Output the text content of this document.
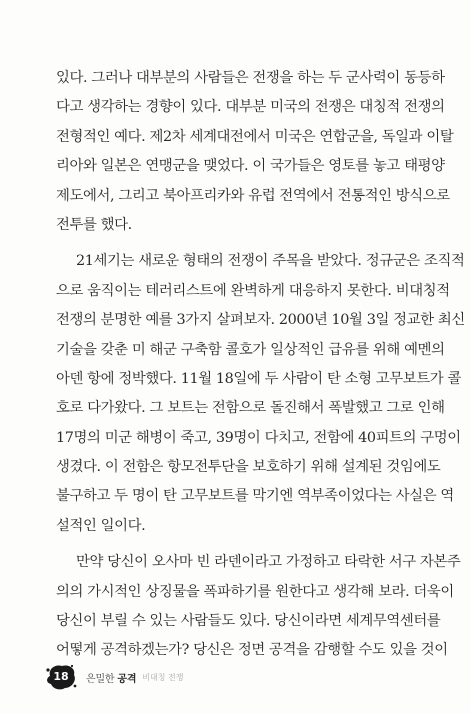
있다. 그러나 대부분의 사람들은 전쟁을 하는 두 군사력이 동등하
다고 생각하는 경향이 있다. 대부분 미국의 전쟁은 대칭적 전쟁의
전형적인 예다. 제2차 세계대전에서 미국은 연합군을, 독일과 이탈
리아와 일본은 연맹군을 맺었다. 이 국가들은 영토를 놓고 태평양
제도에서, 그리고 북아프리카와 유럽 전역에서 전통적인 방식으로
전투를 했다.
21세기는 새로운 형태의 전쟁이 주목을 받았다. 정규군은 조직적
으로 움직이는 테러리스트에 완벽하게 대응하지 못한다. 비대칭적
전쟁의 분명한 예를 3가지 살펴보자. 2000년 10월 3일 정교한 최신
기술을 갖춘 미 해군 구축함 콜호가 일상적인 급유를 위해 예멘의
아덴 항에 정박했다. 11월 18일에 두 사람이 탄 소형 고무보트가 콜
호로 다가왔다. 그 보트는 전함으로 돌진해서 폭발했고 그로 인해
17명의 미군 해병이 죽고, 39명이 다치고, 전함에 40피트의 구멍이
생겼다. 이 전함은 항모전투단을 보호하기 위해 설계된 것임에도
불구하고 두 명이 탄 고무보트를 막기엔 역부족이었다는 사실은 역
설적인 일이다.
만약 당신이 오사마 빈 라덴이라고 가정하고 타락한 서구 자본주
의의 가시적인 상징물을 폭파하기를 원한다고 생각해 보라. 더욱이
당신이 부릴 수 있는 사람들도 있다. 당신이라면 세계무역센터를
어떻게 공격하겠는가? 당신은 정면 공격을 감행할 수도 있을 것이
18	은밀한 공격 비대칭 전쟁
